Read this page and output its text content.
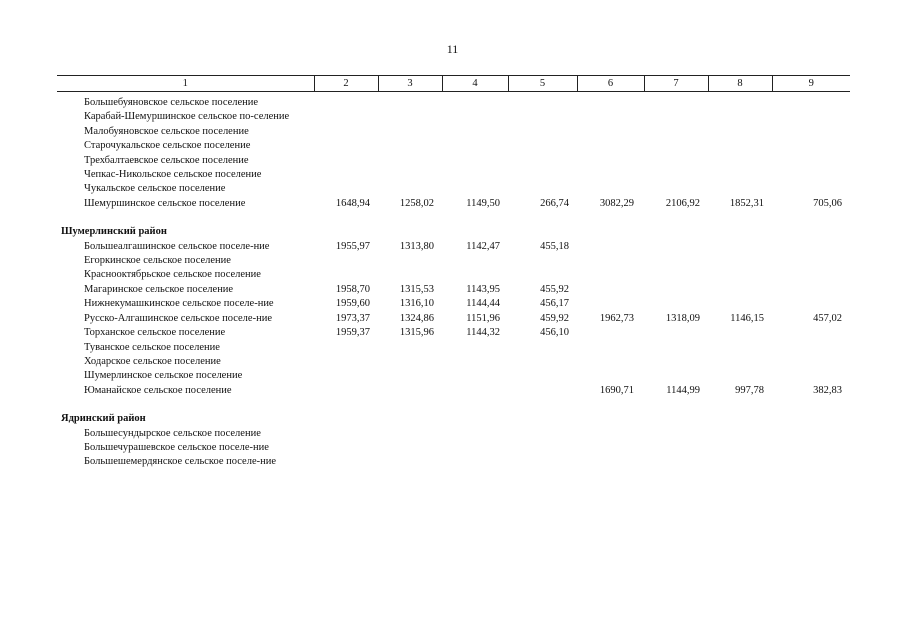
11
1	2	3	4	5	6	7	8	9
Большебуяновское сельское поселение								
Карабай-Шемуршинское сельское по-селение								
Малобуяновское сельское поселение								
Старочукальское сельское поселение								
Трехбалтаевское сельское поселение								
Чепкас-Никольское сельское поселение								
Чукальское сельское поселение								
Шемуршинское сельское поселение	1648,94	1258,02	1149,50	266,74	3082,29	2106,92	1852,31	705,06
Шумерлинский район								
Большеалгашинское сельское поселе-ние	1955,97	1313,80	1142,47	455,18				
Егоркинское сельское поселение								
Краснооктябрьское сельское поселение								
Магаринское сельское поселение	1958,70	1315,53	1143,95	455,92				
Нижнекумашкинское сельское поселе-ние	1959,60	1316,10	1144,44	456,17				
Русско-Алгашинское сельское поселе-ние	1973,37	1324,86	1151,96	459,92	1962,73	1318,09	1146,15	457,02
Торханское сельское поселение	1959,37	1315,96	1144,32	456,10				
Туванское сельское поселение								
Ходарское сельское поселение								
Шумерлинское сельское поселение								
Юманайское сельское поселение					1690,71	1144,99	997,78	382,83
Ядринский район								
Большесундырское сельское поселение								
Большечурашевское сельское поселе-ние								
Большешемердянское сельское поселе-ние								
